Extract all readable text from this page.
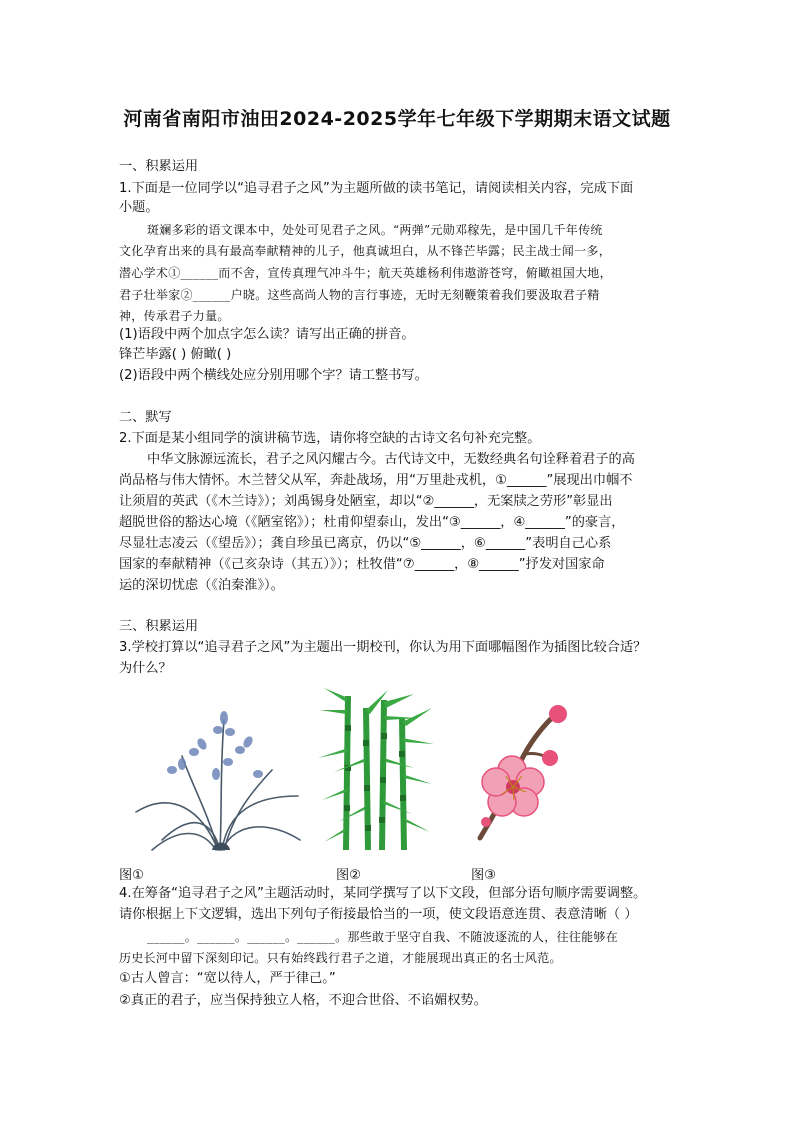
河南省南阳市油田2024-2025学年七年级下学期期末语文试题
一、积累运用
1.下面是一位同学以“追寻君子之风”为主题所做的读书笔记，请阅读相关内容，完成下面
小题。
斑斓多彩的语文课本中，处处可见君子之风。“两弹”元勋邓稼先，是中国几千年传统
文化孕育出来的具有最高奉献精神的儿子，他真诚坦白，从不锋芒毕露；民主战士闻一多，
潜心学术①______而不舍，宣传真理气冲斗牛；航天英雄杨利伟遨游苍穹，俯瞰祖国大地，
君子壮举家②______户晓。这些高尚人物的言行事迹，无时无刻鞭策着我们要汲取君子精
神，传承君子力量。
(1)语段中两个加点字怎么读？请写出正确的拼音。
锋芒毕露( ) 俯瞰( )
(2)语段中两个横线处应分别用哪个字？请工整书写。
二、默写
2.下面是某小组同学的演讲稿节选，请你将空缺的古诗文名句补充完整。
中华文脉源远流长，君子之风闪耀古今。古代诗文中，无数经典名句诠释着君子的高
尚品格与伟大情怀。木兰替父从军，奔赴战场，用“万里赴戎机，①______”展现出巾帼不
让须眉的英武（《木兰诗》）；刘禹锡身处陋室，却以“②______，无案牍之劳形”彰显出
超脱世俗的豁达心境（《陋室铭》）；杜甫仰望泰山，发出“③______，④______”的豪言，
尽显壮志凌云（《望岳》）；龚自珍虽已离京，仍以“⑤______，⑥______”表明自己心系
国家的奉献精神（《己亥杂诗（其五）》）；杜牧借“⑦______，⑧______”抒发对国家命
运的深切忧虑（《泊秦淮》）。
三、积累运用
3.学校打算以“追寻君子之风”为主题出一期校刊，你认为用下面哪幅图作为插图比较合适？
为什么？
图①	图②	图③
4.在筹备“追寻君子之风”主题活动时，某同学撰写了以下文段，但部分语句顺序需要调整。
请你根据上下文逻辑，选出下列句子衔接最恰当的一项，使文段语意连贯、表意清晰（ ）
______。______。______。______。那些敢于坚守自我、不随波逐流的人，往往能够在
历史长河中留下深刻印记。只有始终践行君子之道，才能展现出真正的名士风范。
①古人曾言：“宽以待人，严于律己。”
②真正的君子，应当保持独立人格，不迎合世俗、不谄媚权势。
